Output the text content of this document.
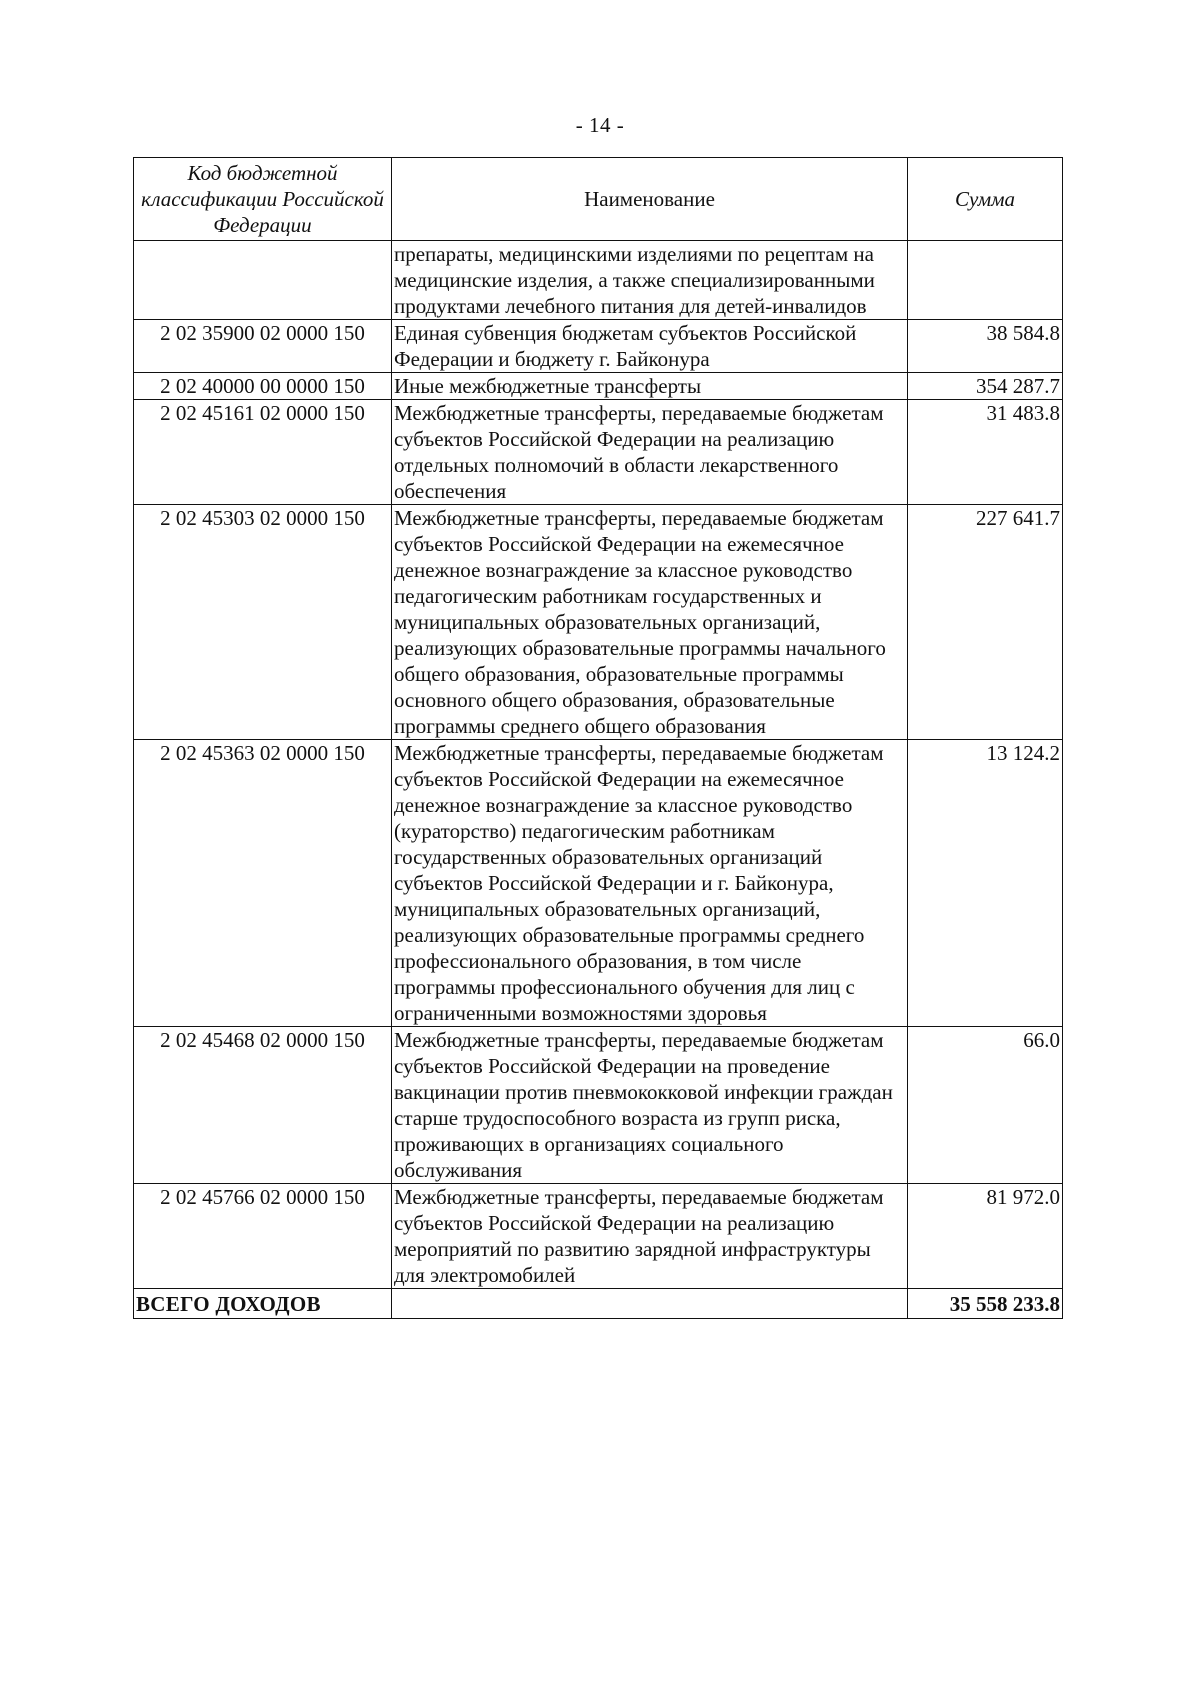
- 14 -
Код бюджетной классификации Российской Федерации	Наименование	Сумма
	препараты, медицинскими изделиями по рецептам на медицинские изделия, а также специализированными продуктами лечебного питания для детей-инвалидов	
2 02 35900 02 0000 150	Единая субвенция бюджетам субъектов Российской Федерации и бюджету г. Байконура	38 584.8
2 02 40000 00 0000 150	Иные межбюджетные трансферты	354 287.7
2 02 45161 02 0000 150	Межбюджетные трансферты, передаваемые бюджетам субъектов Российской Федерации на реализацию отдельных полномочий в области лекарственного обеспечения	31 483.8
2 02 45303 02 0000 150	Межбюджетные трансферты, передаваемые бюджетам субъектов Российской Федерации на ежемесячное денежное вознаграждение за классное руководство педагогическим работникам государственных и муниципальных образовательных организаций, реализующих образовательные программы начального общего образования, образовательные программы основного общего образования, образовательные программы среднего общего образования	227 641.7
2 02 45363 02 0000 150	Межбюджетные трансферты, передаваемые бюджетам субъектов Российской Федерации на ежемесячное денежное вознаграждение за классное руководство (кураторство) педагогическим работникам государственных образовательных организаций субъектов Российской Федерации и г. Байконура, муниципальных образовательных организаций, реализующих образовательные программы среднего профессионального образования, в том числе программы профессионального обучения для лиц с ограниченными возможностями здоровья	13 124.2
2 02 45468 02 0000 150	Межбюджетные трансферты, передаваемые бюджетам субъектов Российской Федерации на проведение вакцинации против пневмококковой инфекции граждан старше трудоспособного возраста из групп риска, проживающих в организациях социального обслуживания	66.0
2 02 45766 02 0000 150	Межбюджетные трансферты, передаваемые бюджетам субъектов Российской Федерации на реализацию мероприятий по развитию зарядной инфраструктуры для электромобилей	81 972.0
ВСЕГО ДОХОДОВ		35 558 233.8
